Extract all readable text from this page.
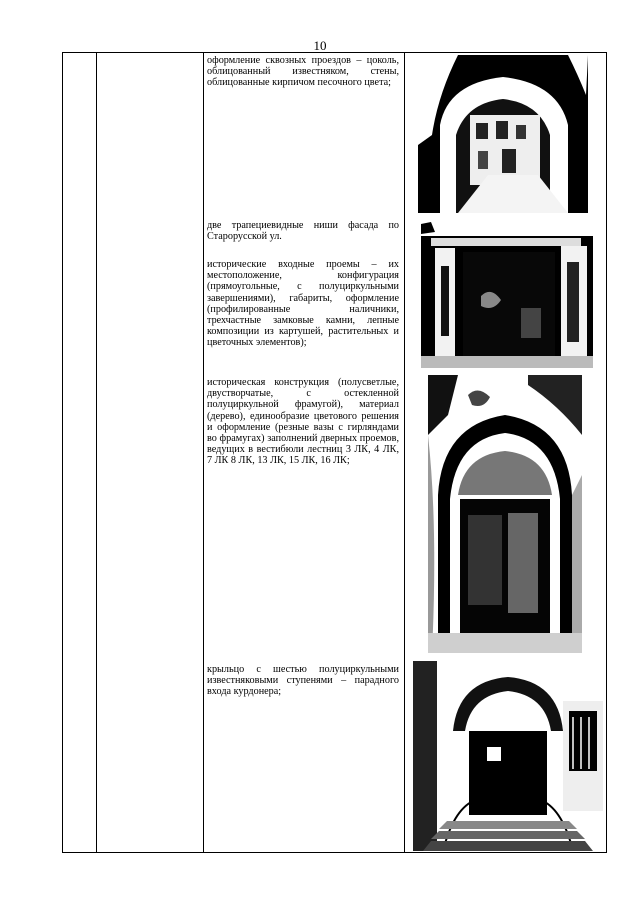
10
оформление сквозных проездов – цоколь, облицованный известняком, стены, облицованные кирпичом песочного цвета;
две трапециевидные ниши фасада по Старорусской ул.
исторические входные проемы – их местоположение, конфигурация (прямоугольные, с полуциркульными завершениями), габариты, оформление (профилированные наличники, трехчастные замковые камни, лепные композиции из картушей, растительных и цветочных элементов);
историческая конструкция (полусветлые, двустворчатые, с остекленной полуциркульной фрамугой), материал (дерево), единообразие цветового решения и оформление (резные вазы с гирляндами во фрамугах) заполнений дверных проемов, ведущих в вестибюли лестниц 3 ЛК, 4 ЛК, 7 ЛК 8 ЛК, 13 ЛК, 15 ЛК, 16 ЛК;
крыльцо с шестью полуциркульными известняковыми ступенями – парадного входа курдонера;
